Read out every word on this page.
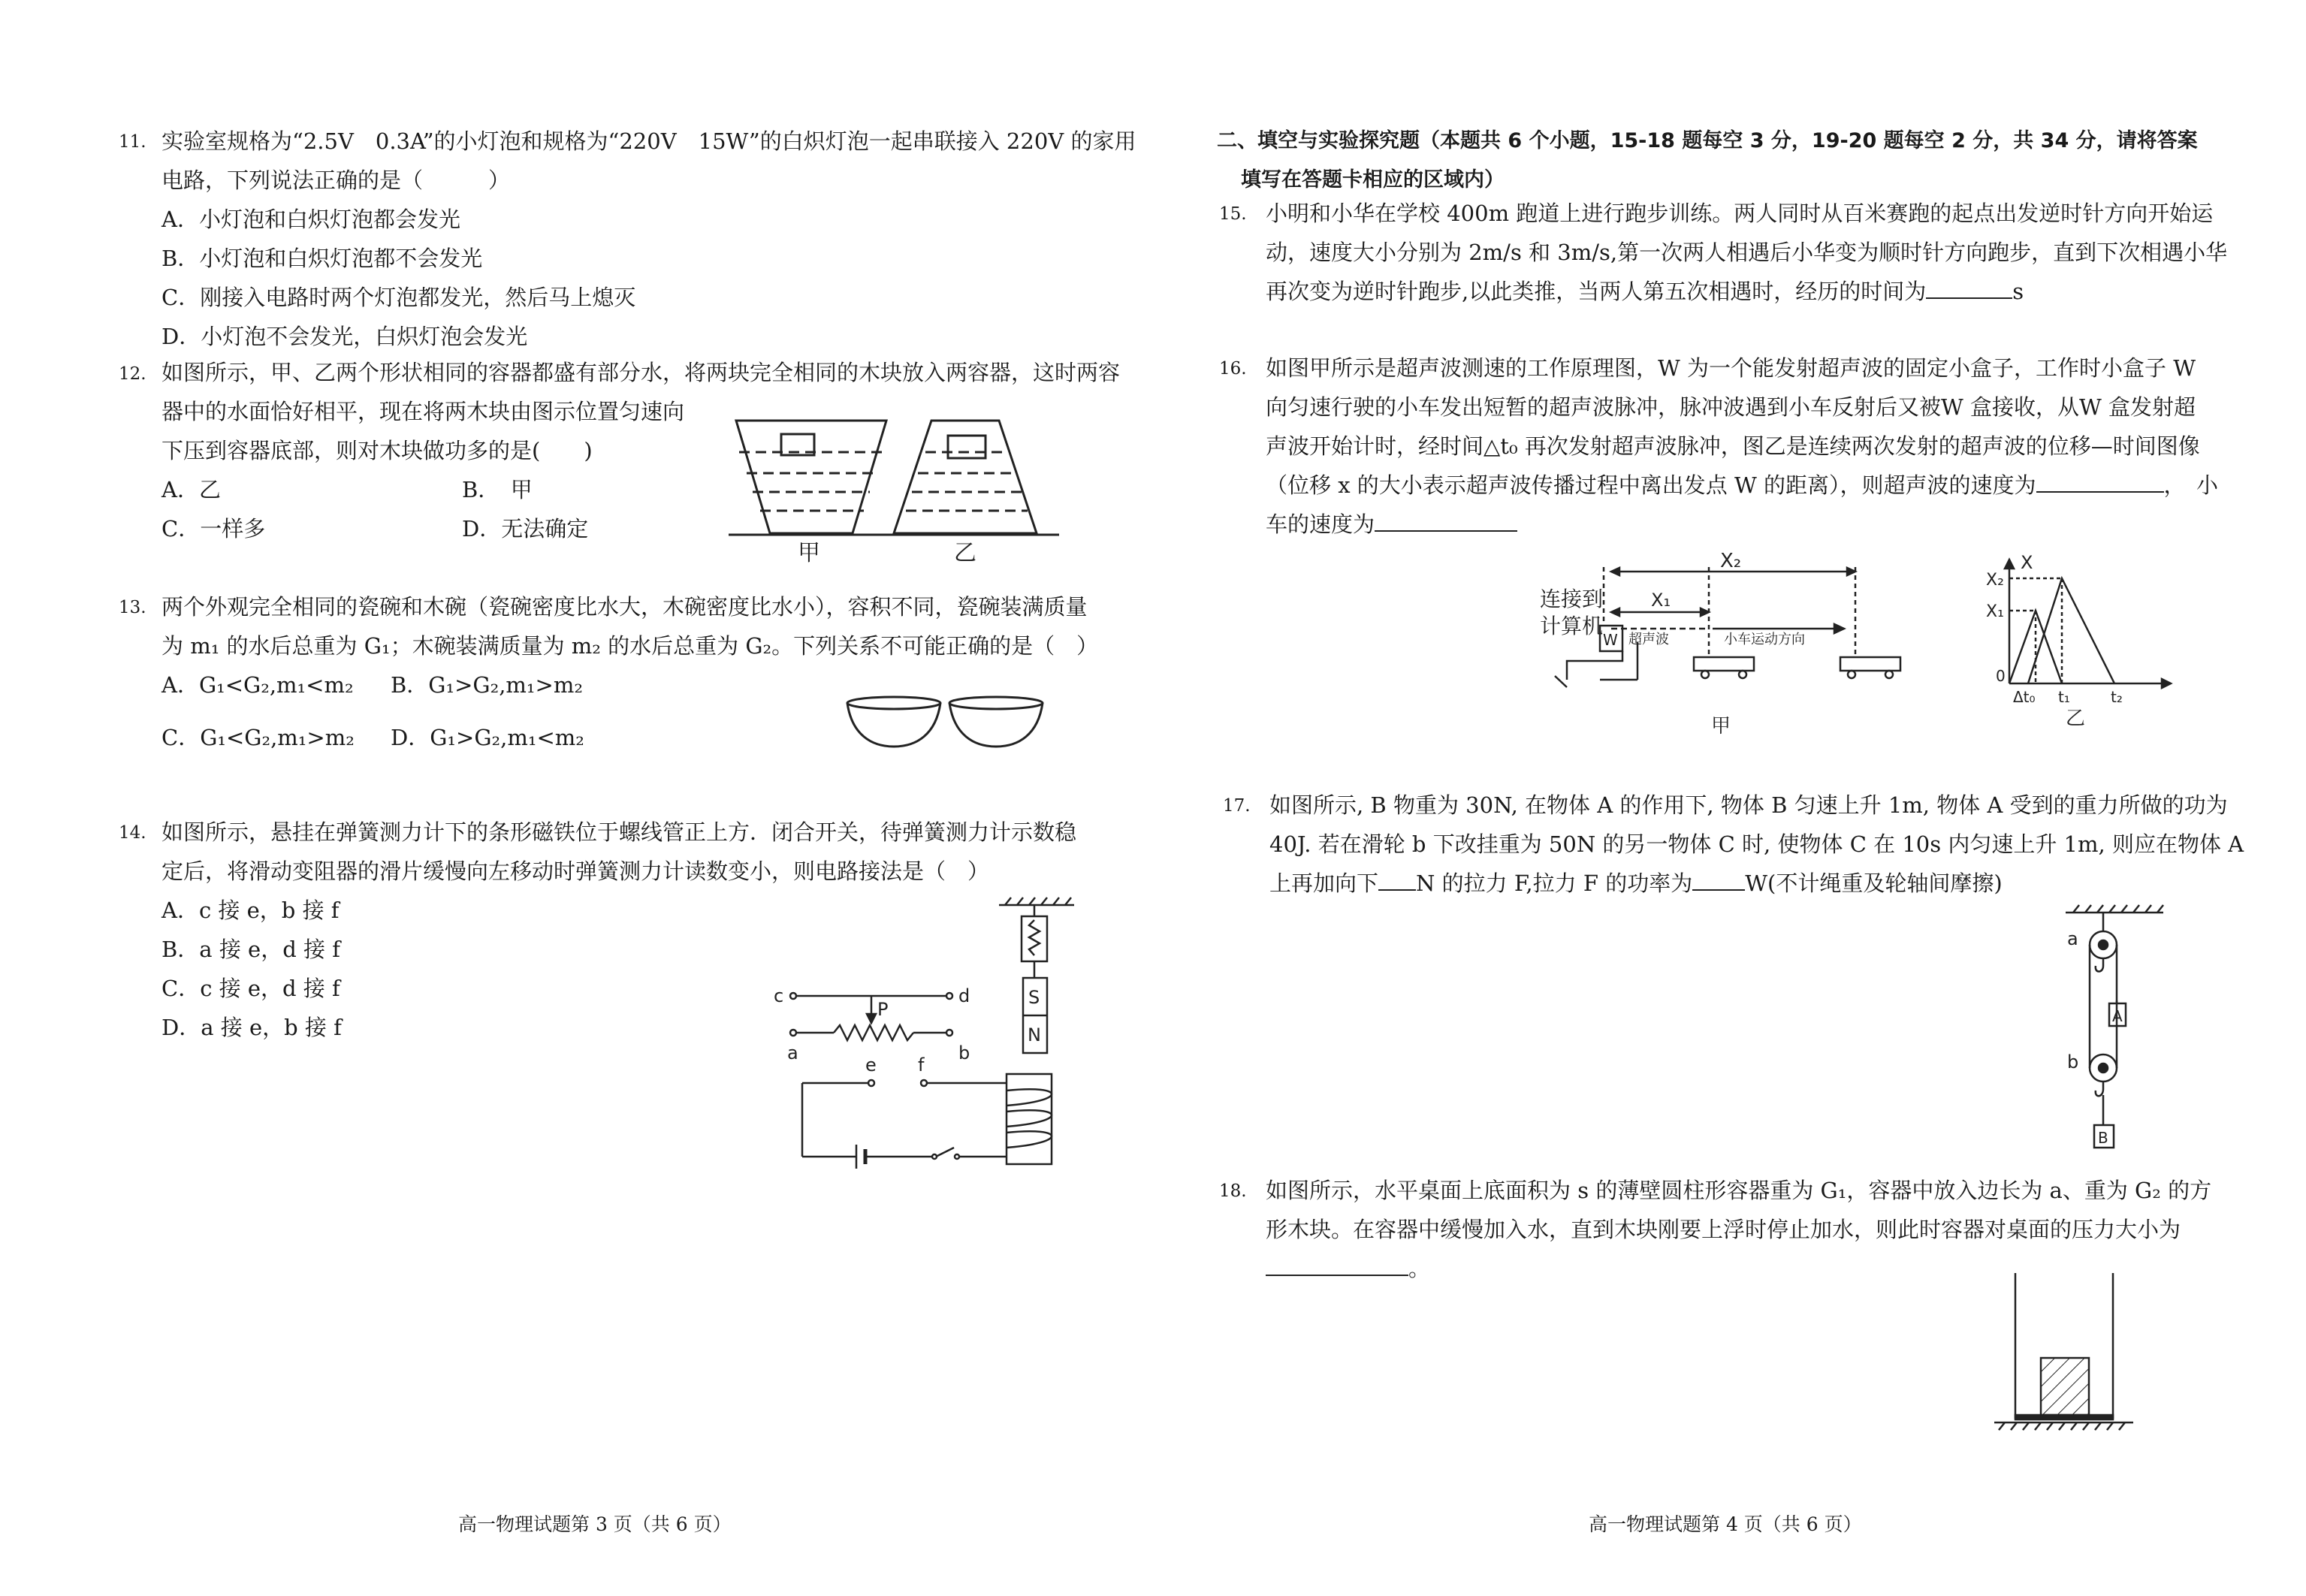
11. 实验室规格为“2.5V　0.3A”的小灯泡和规格为“220V　15W”的白炽灯泡一起串联接入 220V 的家用
电路，下列说法正确的是（　　　）
A．小灯泡和白炽灯泡都会发光
B．小灯泡和白炽灯泡都不会发光
C．刚接入电路时两个灯泡都发光，然后马上熄灭
D．小灯泡不会发光，白炽灯泡会发光
12. 如图所示，甲、乙两个形状相同的容器都盛有部分水，将两块完全相同的木块放入两容器，这时两容
器中的水面恰好相平，现在将两木块由图示位置匀速向
下压到容器底部，则对木块做功多的是(　　)
A．乙	B．　甲
C．一样多	D．无法确定
甲	乙
13. 两个外观完全相同的瓷碗和木碗（瓷碗密度比水大，木碗密度比水小），容积不同，瓷碗装满质量
为 m₁ 的水后总重为 G₁；木碗装满质量为 m₂ 的水后总重为 G₂。下列关系不可能正确的是（　）
A．G₁<G₂,m₁<m₂ B．G₁>G₂,m₁>m₂
C．G₁<G₂,m₁>m₂ D．G₁>G₂,m₁<m₂
14. 如图所示，悬挂在弹簧测力计下的条形磁铁位于螺线管正上方．闭合开关，待弹簧测力计示数稳
定后，将滑动变阻器的滑片缓慢向左移动时弹簧测力计读数变小，则电路接法是（　）
A．c 接 e，b 接 f
B．a 接 e，d 接 f
C．c 接 e，d 接 f
D．a 接 e，b 接 f
c	d
P
a	b
e f
S
N
高一物理试题第 3 页（共 6 页）
二、填空与实验探究题（本题共 6 个小题，15-18 题每空 3 分，19-20 题每空 2 分，共 34 分，请将答案
填写在答题卡相应的区域内）
15. 小明和小华在学校 400m 跑道上进行跑步训练。两人同时从百米赛跑的起点出发逆时针方向开始运
动，速度大小分别为 2m/s 和 3m/s,第一次两人相遇后小华变为顺时针方向跑步，直到下次相遇小华
再次变为逆时针跑步,以此类推，当两人第五次相遇时，经历的时间为	s
16. 如图甲所示是超声波测速的工作原理图，W 为一个能发射超声波的固定小盒子，工作时小盒子 W
向匀速行驶的小车发出短暂的超声波脉冲，脉冲波遇到小车反射后又被W 盒接收，从W 盒发射超
声波开始计时，经时间△t₀ 再次发射超声波脉冲，图乙是连续两次发射的超声波的位移—时间图像
（位移 x 的大小表示超声波传播过程中离出发点 W 的距离），则超声波的速度为	，　小
车的速度为
连接到
计算机
W
X₂
X₁
超声波	小车运动方向
甲
X
X₂
X₁
0
Δt₀ t₁	t₂
乙
17. 如图所示, B 物重为 30N, 在物体 A 的作用下, 物体 B 匀速上升 1m, 物体 A 受到的重力所做的功为
40J. 若在滑轮 b 下改挂重为 50N 的另一物体 C 时, 使物体 C 在 10s 内匀速上升 1m, 则应在物体 A
上再加向下 N 的拉力 F,拉力 F 的功率为 W(不计绳重及轮轴间摩擦)
a
A
b
B
18. 如图所示，水平桌面上底面积为 s 的薄壁圆柱形容器重为 G₁，容器中放入边长为 a、重为 G₂ 的方
形木块。在容器中缓慢加入水，直到木块刚要上浮时停止加水，则此时容器对桌面的压力大小为
。
高一物理试题第 4 页（共 6 页）
